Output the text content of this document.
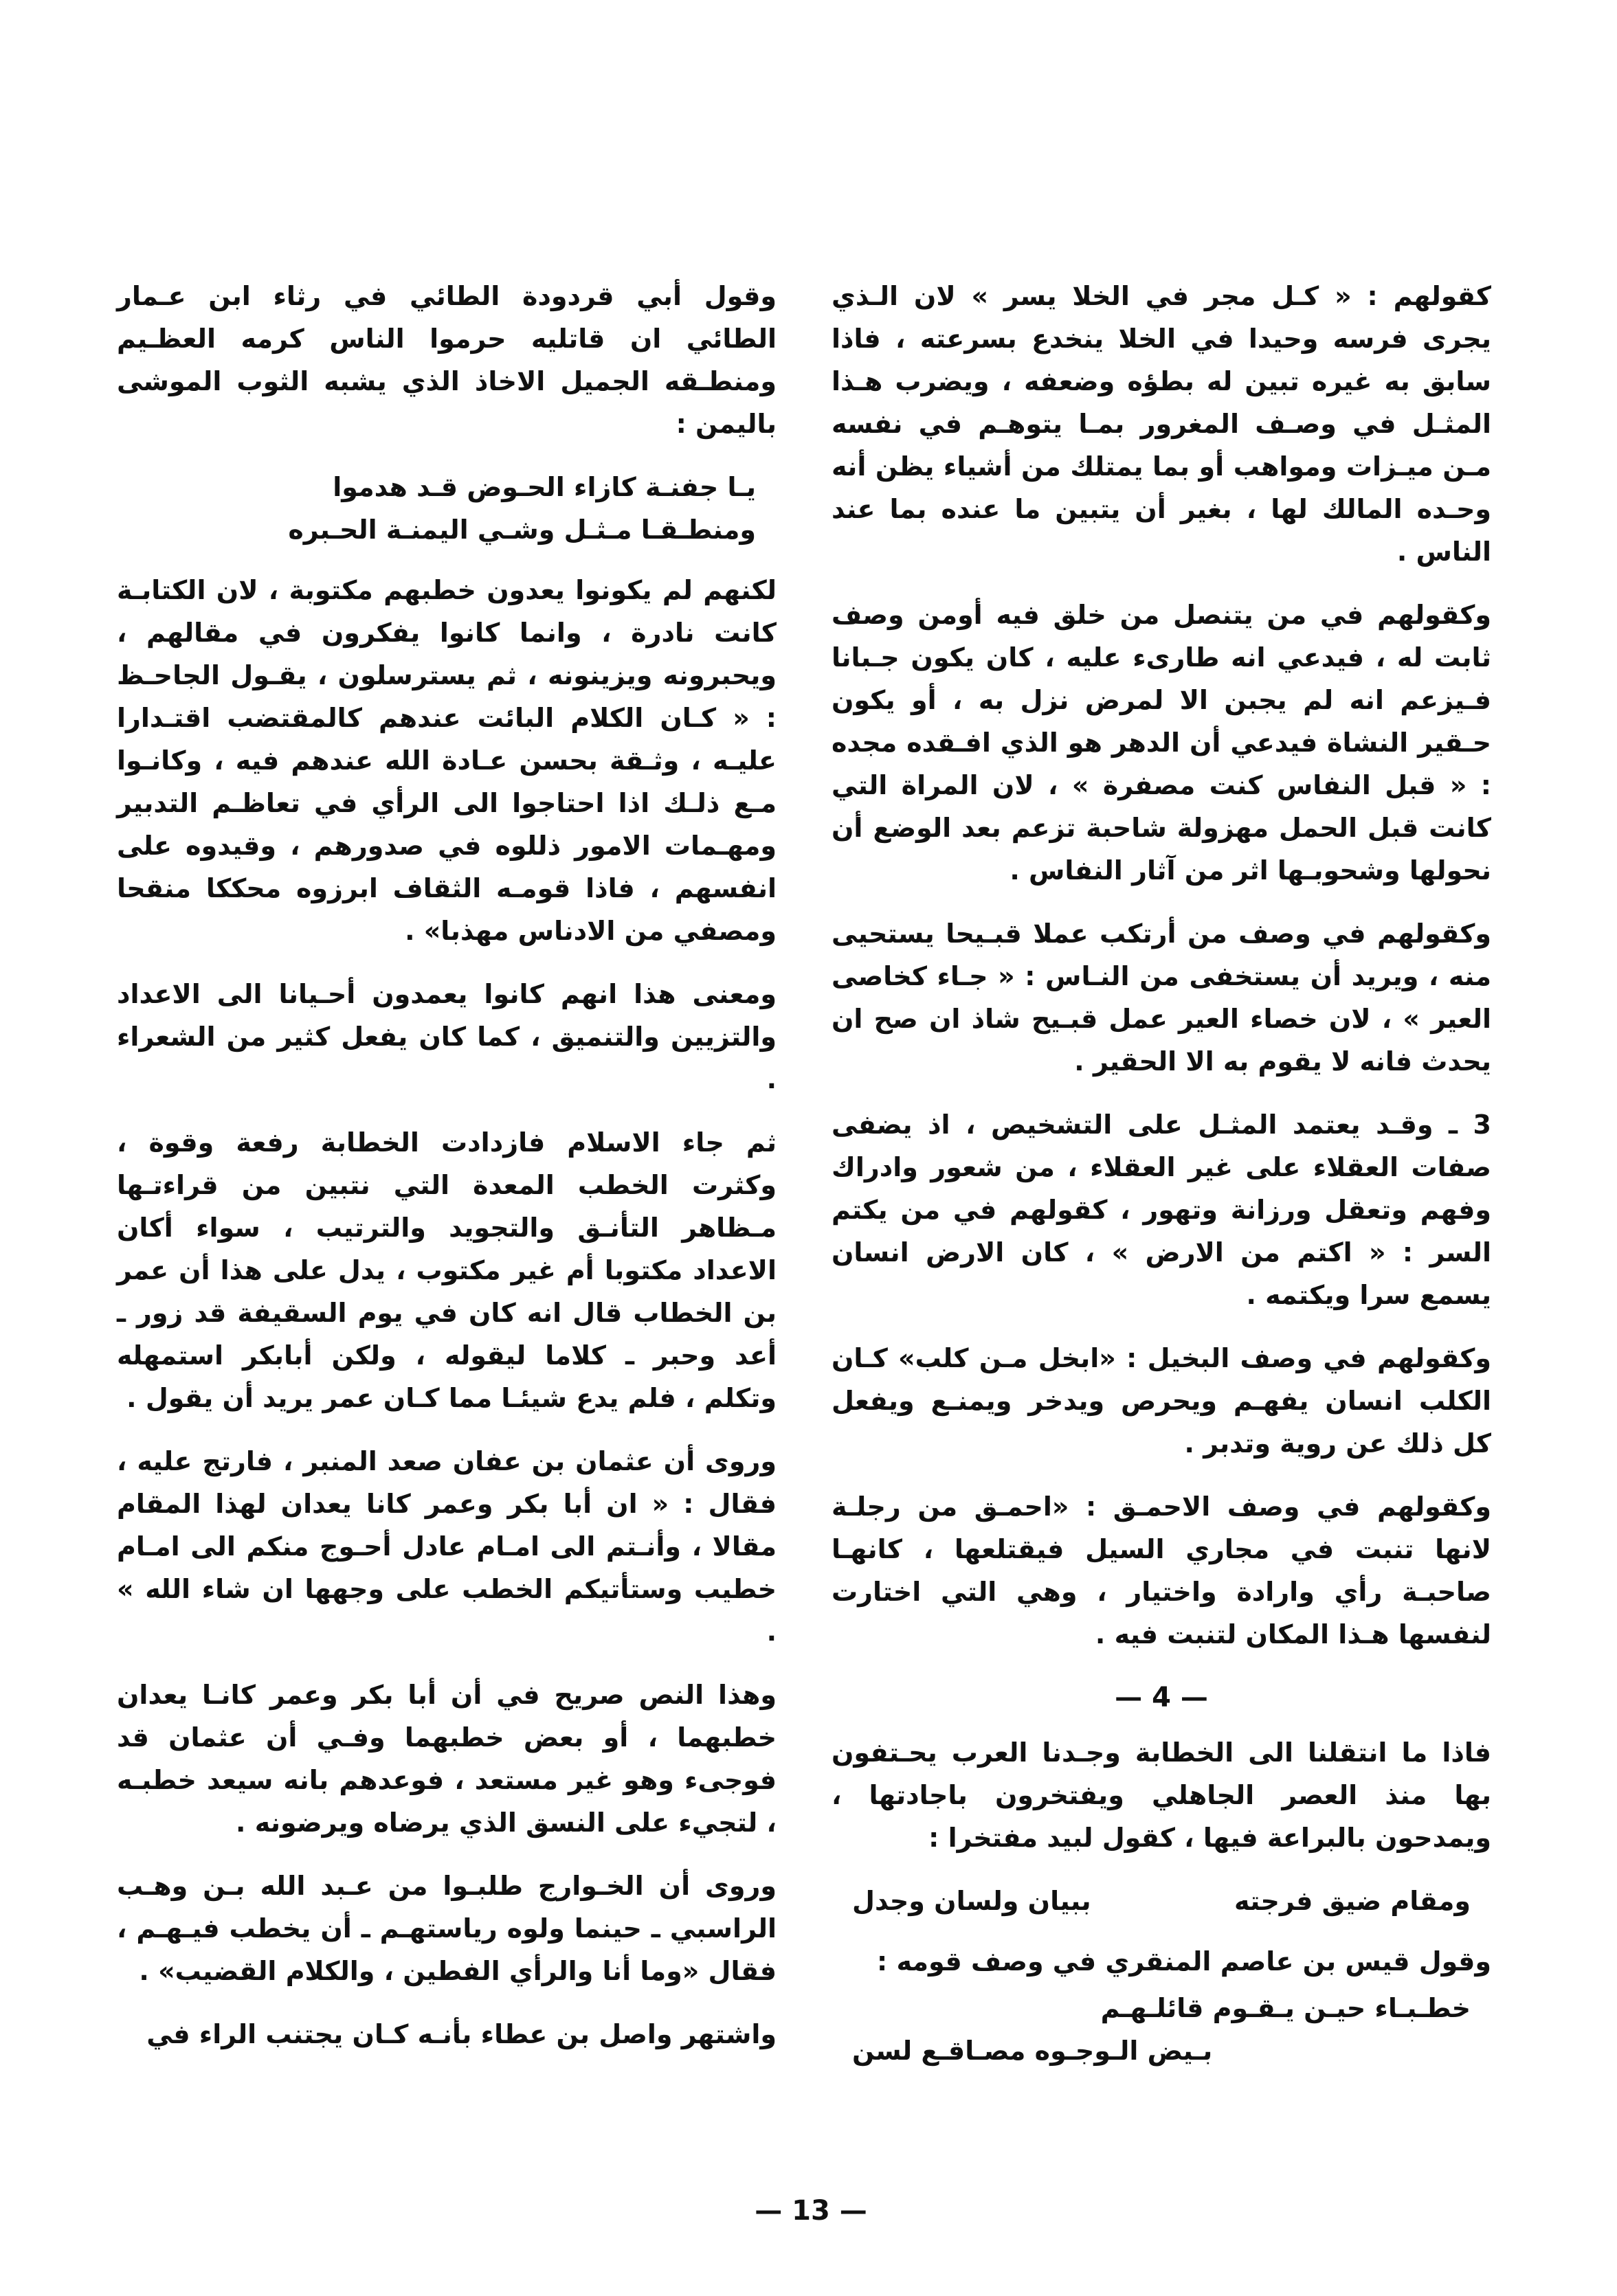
كقولهم : « كـل مجر في الخلا يسر » لان الـذي يجرى فرسه وحيدا في الخلا ينخدع بسرعته ، فاذا سابق به غيره تبين له بطؤه وضعفه ، ويضرب هـذا المثـل في وصـف المغرور بمـا يتوهـم في نفسه مـن ميـزات ومواهب أو بما يمتلك من أشياء يظن أنه وحـده المالك لها ، بغير أن يتبين ما عنده بما عند الناس .

وكقولهم في من يتنصل من خلق فيه أومن وصف ثابت له ، فيدعي انه طارىء عليه ، كان يكون جـبانا فـيزعم انه لم يجبن الا لمرض نزل به ، أو يكون حـقير النشاة فيدعي أن الدهر هو الذي افـقده مجده : « قبل النفاس كنت مصفرة » ، لان المراة التي كانت قبل الحمل مهزولة شاحبة تزعم بعد الوضع أن نحولها وشحوبـها اثر من آثار النفاس .

وكقولهم في وصف من أرتكب عملا قبـيحا يستحيى منه ، ويريد أن يستخفى من النـاس : « جـاء كخاصى العير » ، لان خصاء العير عمل قبـيح شاذ ان صح ان يحدث فانه لا يقوم به الا الحقير .

3 ـ وقـد يعتمد المثـل على التشخيص ، اذ يضفى صفات العقلاء على غير العقلاء ، من شعور وادراك وفهم وتعقل ورزانة وتهور ، كقولهم في من يكتم السر : « اكتم من الارض » ، كان الارض انسان يسمع سرا ويكتمه .

وكقولهم في وصف البخيل : «ابخل مـن كلب» كـان الكلب انسان يفهـم ويحرص ويدخر ويمنـع ويفعل كل ذلك عن روية وتدبر .

وكقولهم في وصف الاحمـق : «احمـق من رجلـة لانها تنبت في مجاري السيل فيقتلعها ، كانهـا صاحبـة رأي وارادة واختيار ، وهي التي اختارت لنفسها هـذا المكان لتنبت فيه .

— 4 —

فاذا ما انتقلنا الى الخطابة وجـدنا العرب يحـتفون بها منذ العصر الجاهلي ويفتخرون باجادتها ، ويمدحون بالبراعة فيها ، كقول لبيد مفتخرا :

ومقام ضيق فرجته
ببيان ولسان وجدل

وقول قيس بن عاصم المنقري في وصف قومه :

خطـبـاء حيـن يـقـوم قائلـهـم
بـيض الـوجـوه مصـاقـع لسن

وقول أبي قردودة الطائي في رثاء ابن عـمار الطائي ان قاتليه حرموا الناس كرمه العظـيم ومنطـقه الجميل الاخاذ الذي يشبه الثوب الموشى باليمن :

يـا جفنـة كازاء الحـوض قـد هدموا
ومنطـقـا مـثـل وشـي اليمنـة الحـبره

لكنهم لم يكونوا يعدون خطبهم مكتوبة ، لان الكتابـة كانت نادرة ، وانما كانوا يفكرون في مقالهم ، ويحبرونه ويزينونه ، ثم يسترسلون ، يقـول الجاحـظ : « كـان الكلام البائت عندهم كالمقتضب اقتـدارا عليـه ، وثـقة بحسن عـادة الله عندهم فيه ، وكانـوا مـع ذلـك اذا احتاجوا الى الرأي في تعاظـم التدبير ومهـمات الامور ذللوه في صدورهم ، وقيدوه على انفسهم ، فاذا قومـه الثقاف ابرزوه محككا منقحا ومصفي من الادناس مهذبا» .

ومعنى هذا انهم كانوا يعمدون أحـيانا الى الاعداد والتزيين والتنميق ، كما كان يفعل كثير من الشعراء .

ثم جاء الاسلام فازدادت الخطابة رفعة وقوة ، وكثرت الخطب المعدة التي نتبين من قراءتـها مـظاهر التأنـق والتجويد والترتيب ، سواء أكان الاعداد مكتوبا أم غير مكتوب ، يدل على هذا أن عمر بن الخطاب قال انه كان في يوم السقيفة قد زور ـ أعد وحبر ـ كلاما ليقوله ، ولكن أبابكر استمهله وتكلم ، فلم يدع شيئـا مما كـان عمر يريد أن يقول .

وروى أن عثمان بن عفان صعد المنبر ، فارتج عليه ، فقال : « ان أبا بكر وعمر كانا يعدان لهذا المقام مقالا ، وأنـتم الى امـام عادل أحـوج منكم الى امـام خطيب وستأتيكم الخطب على وجهها ان شاء الله » .

وهذا النص صريح في أن أبا بكر وعمر كانـا يعدان خطبهما ، أو بعض خطبهما وفـي أن عثمان قد فوجىء وهو غير مستعد ، فوعدهم بانه سيعد خطبـه ، لتجيء على النسق الذي يرضاه ويرضونه .

وروى أن الخـوارج طلبـوا من عـبد الله بـن وهـب الراسبي ـ حينما ولوه رياستهـم ـ أن يخطب فيـهـم ، فقال «وما أنا والرأي الفطين ، والكلام القضيب» .

واشتهر واصل بن عطاء بأنـه كـان يجتنب الراء في

— 13 —
